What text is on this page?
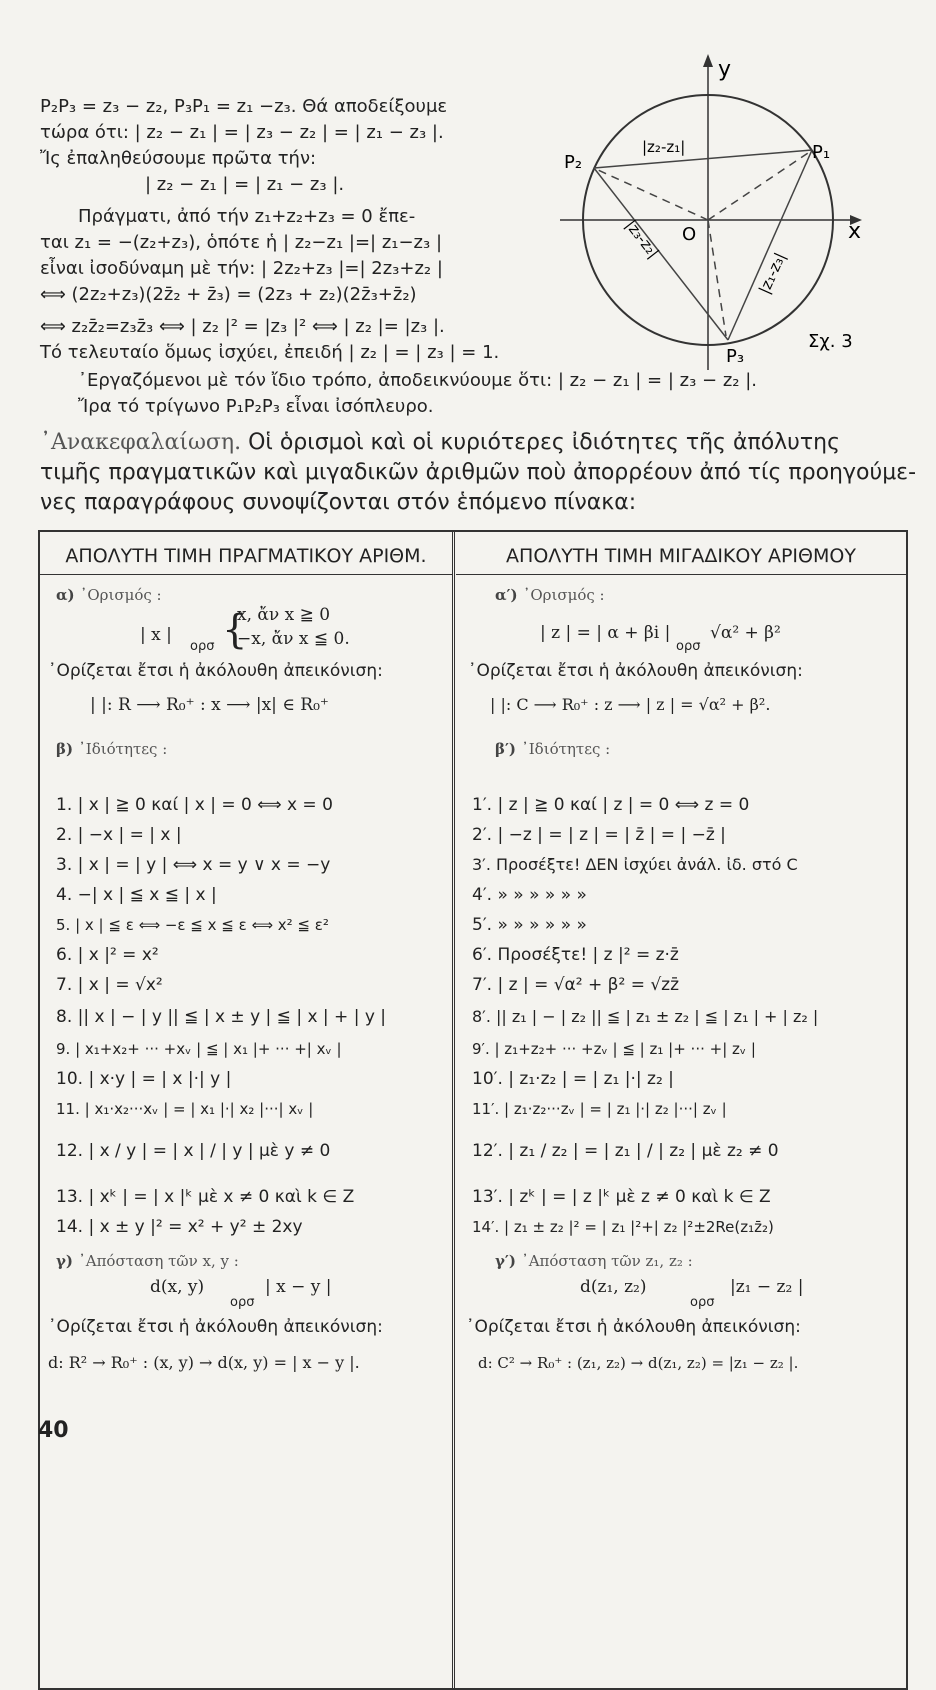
P₂P₃ = z₃ − z₂, P₃P₁ = z₁ −z₃. Θά αποδείξουμε
τώρα ότι: | z₂ − z₁ | = | z₃ − z₂ | = | z₁ − z₃ |.
Ἴς ἐπαληθεύσουμε πρῶτα τήν:
| z₂ − z₁ | = | z₁ − z₃ |.
Πράγματι, ἀπό τήν z₁+z₂+z₃ = 0 ἔπε-
ται z₁ = −(z₂+z₃), ὁπότε ἡ | z₂−z₁ |=| z₁−z₃ |
εἶναι ἰσοδύναμη μὲ τήν: | 2z₂+z₃ |=| 2z₃+z₂ |
⟺ (2z₂+z₃)(2z̄₂ + z̄₃) = (2z₃ + z₂)(2z̄₃+z̄₂)
⟺ z₂z̄₂=z₃z̄₃ ⟺ | z₂ |² = |z₃ |² ⟺ | z₂ |= |z₃ |.
Τό τελευταίο ὅμως ἰσχύει, ἐπειδή | z₂ | = | z₃ | = 1.
᾿Εργαζόμενοι μὲ τόν ἴδιο τρόπο, ἀποδεικνύουμε ὅτι: | z₂ − z₁ | = | z₃ − z₂ |.
Ἴρα τό τρίγωνο P₁P₂P₃ εἶναι ἰσόπλευρο.
y
x
O
P₁
P₂
P₃
|z₂-z₁|
|z₃-z₂|
|z₁-z₃|
Σχ. 3
᾿Ανακεφαλαίωση. Οἱ ὁρισμοὶ καὶ οἱ κυριότερες ἰδιότητες τῆς ἀπόλυτης
τιμῆς πραγματικῶν καὶ μιγαδικῶν ἀριθμῶν ποὺ ἀπορρέουν ἀπό τίς προηγούμε-
νες παραγράφους συνοψίζονται στόν ἑπόμενο πίνακα:
ΑΠΟΛΥΤΗ ΤΙΜΗ ΠΡΑΓΜΑΤΙΚΟΥ ΑΡΙΘΜ.	ΑΠΟΛΥΤΗ ΤΙΜΗ ΜΙΓΑΔΙΚΟΥ ΑΡΙΘΜΟΥ
α) ᾿Ορισμός :
x, ἄν x ≧ 0
| x |
ορσ {
−x, ἄν x ≦ 0.
᾿Ορίζεται ἔτσι ἡ ἀκόλουθη ἀπεικόνιση:
| |: R ⟶ R₀⁺ : x ⟶ |x| ∈ R₀⁺
β) ᾿Ιδιότητες :
1. | x | ≧ 0 καί | x | = 0 ⟺ x = 0
2. | −x | = | x |
3. | x | = | y | ⟺ x = y ∨ x = −y
4. −| x | ≦ x ≦ | x |
5. | x | ≦ ε ⟺ −ε ≦ x ≦ ε ⟺ x² ≦ ε²
6. | x |² = x²
7. | x | = √x²
8. || x | − | y || ≦ | x ± y | ≦ | x | + | y |
9. | x₁+x₂+ ··· +xᵥ | ≦ | x₁ |+ ··· +| xᵥ |
10. | x·y | = | x |·| y |
11. | x₁·x₂···xᵥ | = | x₁ |·| x₂ |···| xᵥ |
12. | x / y | = | x | / | y | μὲ y ≠ 0
13. | xᵏ | = | x |ᵏ μὲ x ≠ 0 καὶ k ∈ Z
14. | x ± y |² = x² + y² ± 2xy
γ) ᾿Απόσταση τῶν x, y :
d(x, y)
ορσ
| x − y |
᾿Ορίζεται ἔτσι ἡ ἀκόλουθη ἀπεικόνιση:
d: R² → R₀⁺ : (x, y) → d(x, y) = | x − y |.
α′) ᾿Ορισμός :
| z | = | α + βi |
ορσ
√α² + β²
᾿Ορίζεται ἔτσι ἡ ἀκόλουθη ἀπεικόνιση:
| |: C ⟶ R₀⁺ : z ⟶ | z | = √α² + β².
β′) ᾿Ιδιότητες :
1′. | z | ≧ 0 καί | z | = 0 ⟺ z = 0
2′. | −z | = | z | = | z̄ | = | −z̄ |
3′. Προσέξτε! ΔΕΝ ἰσχύει ἀνάλ. ἰδ. στό C
4′. » » » » » »
5′. » » » » » »
6′. Προσέξτε! | z |² = z·z̄
7′. | z | = √α² + β² = √zz̄
8′. || z₁ | − | z₂ || ≦ | z₁ ± z₂ | ≦ | z₁ | + | z₂ |
9′. | z₁+z₂+ ··· +zᵥ | ≦ | z₁ |+ ··· +| zᵥ |
10′. | z₁·z₂ | = | z₁ |·| z₂ |
11′. | z₁·z₂···zᵥ | = | z₁ |·| z₂ |···| zᵥ |
12′. | z₁ / z₂ | = | z₁ | / | z₂ | μὲ z₂ ≠ 0
13′. | zᵏ | = | z |ᵏ μὲ z ≠ 0 καὶ k ∈ Z
14′. | z₁ ± z₂ |² = | z₁ |²+| z₂ |²±2Re(z₁z̄₂)
γ′) ᾿Απόσταση τῶν z₁, z₂ :
d(z₁, z₂)
ορσ
|z₁ − z₂ |
᾿Ορίζεται ἔτσι ἡ ἀκόλουθη ἀπεικόνιση:
d: C² → R₀⁺ : (z₁, z₂) → d(z₁, z₂) = |z₁ − z₂ |.
40
